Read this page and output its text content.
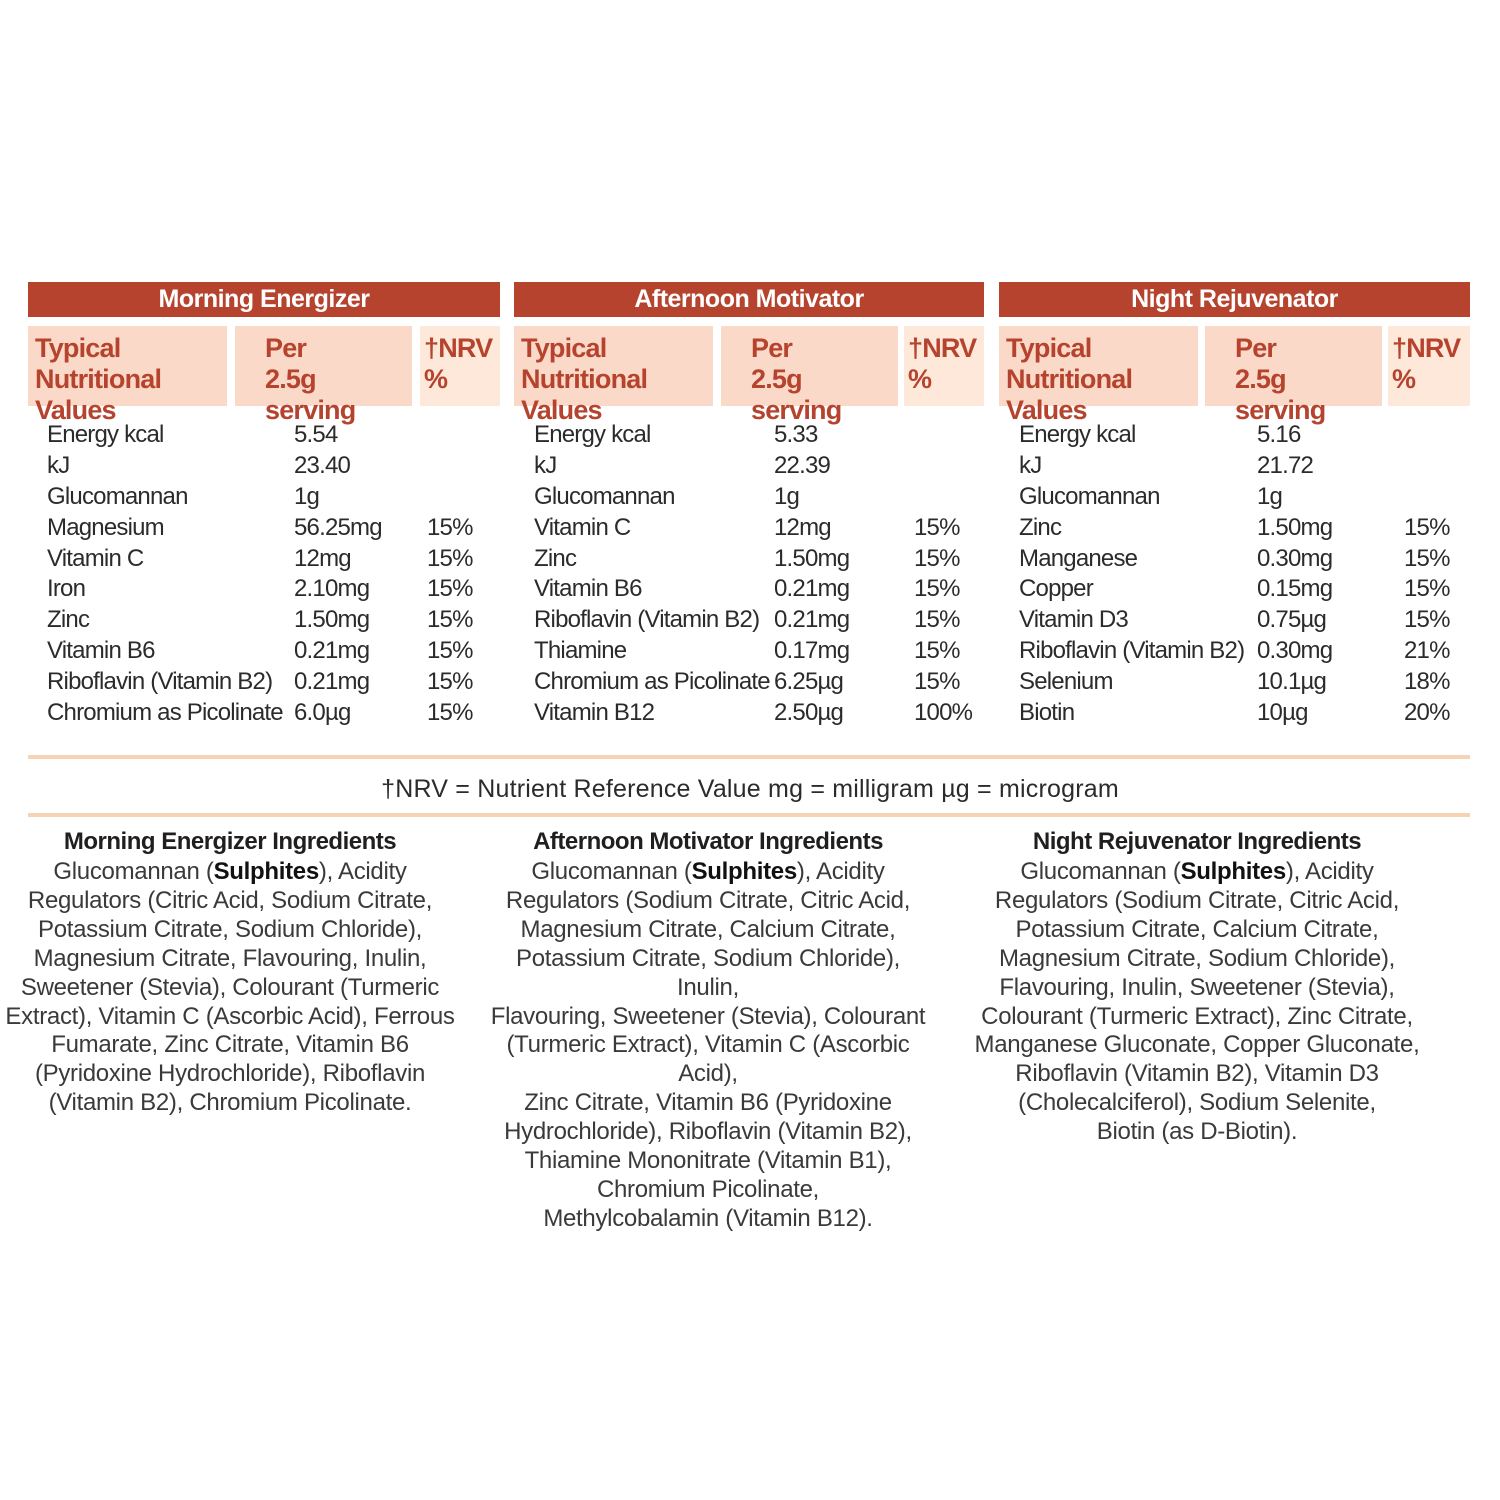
Morning Energizer
Typical Nutritional Values
Per 2.5g serving
†NRV %
Energy kcal	5.54
kJ	23.40
Glucomannan	1g
Magnesium	56.25mg 15%
Vitamin C	12mg	15%
Iron	2.10mg 15%
Zinc	1.50mg 15%
Vitamin B6	0.21mg 15%
Riboflavin (Vitamin B2) 0.21mg 15%
Chromium as Picolinate 6.0µg	15%
Afternoon Motivator
Typical Nutritional Values
Per 2.5g serving
†NRV %
Energy kcal	5.33
kJ	22.39
Glucomannan	1g
Vitamin C	12mg	15%
Zinc	1.50mg	15%
Vitamin B6	0.21mg	15%
Riboflavin (Vitamin B2) 0.21mg	15%
Thiamine	0.17mg	15%
Chromium as Picolinate 6.25µg	15%
Vitamin B12	2.50µg	100%
Night Rejuvenator
Typical Nutritional Values
Per 2.5g serving
†NRV %
Energy kcal	5.16
kJ	21.72
Glucomannan	1g
Zinc	1.50mg	15%
Manganese	0.30mg	15%
Copper	0.15mg	15%
Vitamin D3	0.75µg	15%
Riboflavin (Vitamin B2) 0.30mg	21%
Selenium	10.1µg	18%
Biotin	10µg	20%
†NRV = Nutrient Reference Value mg = milligram µg = microgram
Morning Energizer Ingredients
Glucomannan (Sulphites), Acidity
Regulators (Citric Acid, Sodium Citrate,
Potassium Citrate, Sodium Chloride),
Magnesium Citrate, Flavouring, Inulin,
Sweetener (Stevia), Colourant (Turmeric
Extract), Vitamin C (Ascorbic Acid), Ferrous
Fumarate, Zinc Citrate, Vitamin B6
(Pyridoxine Hydrochloride), Riboflavin
(Vitamin B2), Chromium Picolinate.
Afternoon Motivator Ingredients
Glucomannan (Sulphites), Acidity
Regulators (Sodium Citrate, Citric Acid,
Magnesium Citrate, Calcium Citrate,
Potassium Citrate, Sodium Chloride), Inulin,
Flavouring, Sweetener (Stevia), Colourant
(Turmeric Extract), Vitamin C (Ascorbic Acid),
Zinc Citrate, Vitamin B6 (Pyridoxine
Hydrochloride), Riboflavin (Vitamin B2),
Thiamine Mononitrate (Vitamin B1),
Chromium Picolinate,
Methylcobalamin (Vitamin B12).
Night Rejuvenator Ingredients
Glucomannan (Sulphites), Acidity
Regulators (Sodium Citrate, Citric Acid,
Potassium Citrate, Calcium Citrate,
Magnesium Citrate, Sodium Chloride),
Flavouring, Inulin, Sweetener (Stevia),
Colourant (Turmeric Extract), Zinc Citrate,
Manganese Gluconate, Copper Gluconate,
Riboflavin (Vitamin B2), Vitamin D3
(Cholecalciferol), Sodium Selenite,
Biotin (as D-Biotin).
